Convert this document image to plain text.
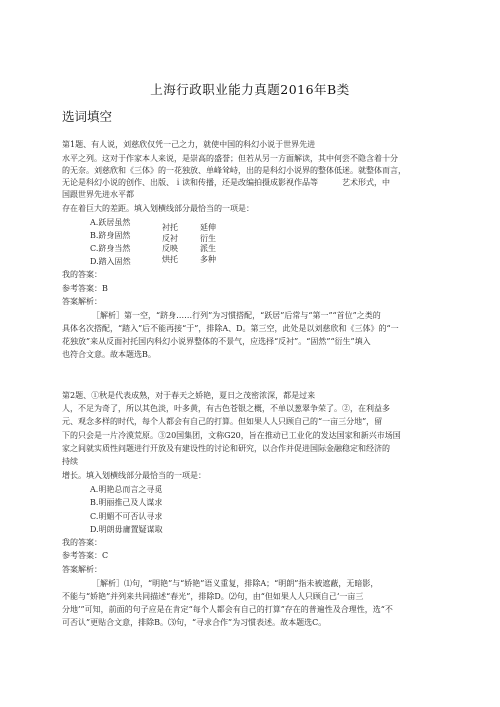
上海行政职业能力真题2016年B类
选词填空
第1题、有人说，刘慈欣仅凭一己之力，就使中国的科幻小说于世界先进
水平之列。这对于作家本人来说，是崇高的盛誉；但若从另一方面解读，其中何尝不隐含着十分
的无奈。刘慈欣和《三体》的一花独放、单峰耸峙，出的是科幻小说界的整体低迷。就整体而言，
无论是科幻小说的创作、出版、ｉ读和传播，还是改编拍摄成影视作品等　　　艺术形式，中
国跟世界先进水平都
存在着巨大的差距。填入划横线部分最恰当的一项是：
A.跃居虽然
B.跻身固然
C.跻身当然
D.踏入固然
衬托	延伸
反衬	衍生
反映	派生
烘托	多种
我的答案：
参考答案：B
答案解析：
［解析］第一空，“跻身……行列”为习惯搭配，“跃居”后常与“第一”“首位”之类的
具体名次搭配，“踏入”后不能再接“于”，排除A、D。第三空，此处是以刘慈欣和《三体》的“一
花独放”来从反面衬托国内科幻小说界整体的不景气，应选择“反衬”。“固然”“衍生”填入
也符合文意。故本题选B。
第2题、①秋是代表成熟，对于春天之娇艳，夏日之茂密浓深，都是过来
人，不足为奇了，所以其色淡，叶多黄，有古色苍银之概，不单以葱翠争荣了。②，在利益多
元、观念多样的时代，每个人都会有自己的打算。但如果人人只顾自己的“一亩三分地”，留
下的只会是一片冷漠荒原。③20国集团，文称G20，旨在推动已工业化的发达国家和新兴市场国
家之间就实质性问题进行开放及有建设性的讨论和研究，以合作并促进国际金融稳定和经济的
持续
增长。填入划横线部分最恰当的一项是：
A.明艳总而言之寻觅
B.明丽推己及人谋求
C.明媚不可否认寻求
D.明朗毋庸置疑谋取
我的答案：
参考答案：C
答案解析：
［解析］⑴句，“明艳”与“娇艳”语义重复，排除A；“明朗”指未被遮蔽，无暗影，
不能与“娇艳”并列来共同描述“春光”，排除D。⑵句，由“但如果人人只顾自己‘一亩三
分地’”可知，前面的句子应是在肯定“每个人都会有自己的打算”存在的普遍性及合理性，选“不
可否认”更贴合文意，排除B。⑶句，“寻求合作”为习惯表述。故本题选C。
